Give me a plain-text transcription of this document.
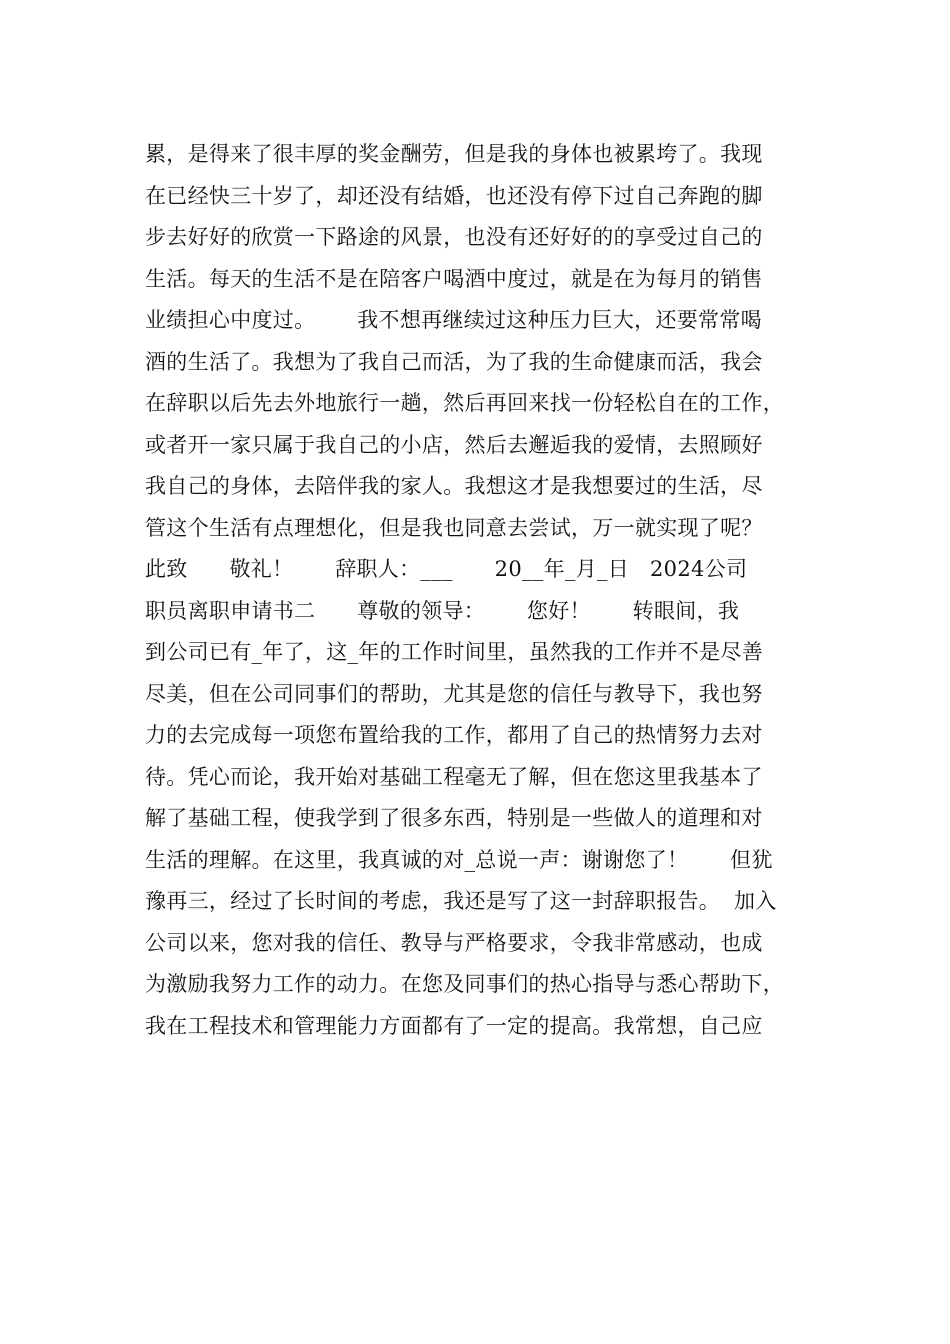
累，是得来了很丰厚的奖金酬劳，但是我的身体也被累垮了。我现
在已经快三十岁了，却还没有结婚，也还没有停下过自己奔跑的脚
步去好好的欣赏一下路途的风景，也没有还好好的的享受过自己的
生活。每天的生活不是在陪客户喝酒中度过，就是在为每月的销售
业绩担心中度过。      我不想再继续过这种压力巨大，还要常常喝
酒的生活了。我想为了我自己而活，为了我的生命健康而活，我会
在辞职以后先去外地旅行一趟，然后再回来找一份轻松自在的工作，
或者开一家只属于我自己的小店，然后去邂逅我的爱情，去照顾好
我自己的身体，去陪伴我的家人。我想这才是我想要过的生活，尽
管这个生活有点理想化，但是我也同意去尝试，万一就实现了呢？
此致      敬礼！      辞职人：___      20__年_月_日   2024公司
职员离职申请书二      尊敬的领导：      您好！      转眼间，我
到公司已有_年了，这_年的工作时间里，虽然我的工作并不是尽善
尽美，但在公司同事们的帮助，尤其是您的信任与教导下，我也努
力的去完成每一项您布置给我的工作，都用了自己的热情努力去对
待。凭心而论，我开始对基础工程毫无了解，但在您这里我基本了
解了基础工程，使我学到了很多东西，特别是一些做人的道理和对
生活的理解。在这里，我真诚的对_总说一声：谢谢您了！      但犹
豫再三，经过了长时间的考虑，我还是写了这一封辞职报告。  加入
公司以来，您对我的信任、教导与严格要求，令我非常感动，也成
为激励我努力工作的动力。在您及同事们的热心指导与悉心帮助下，
我在工程技术和管理能力方面都有了一定的提高。我常想，自己应
